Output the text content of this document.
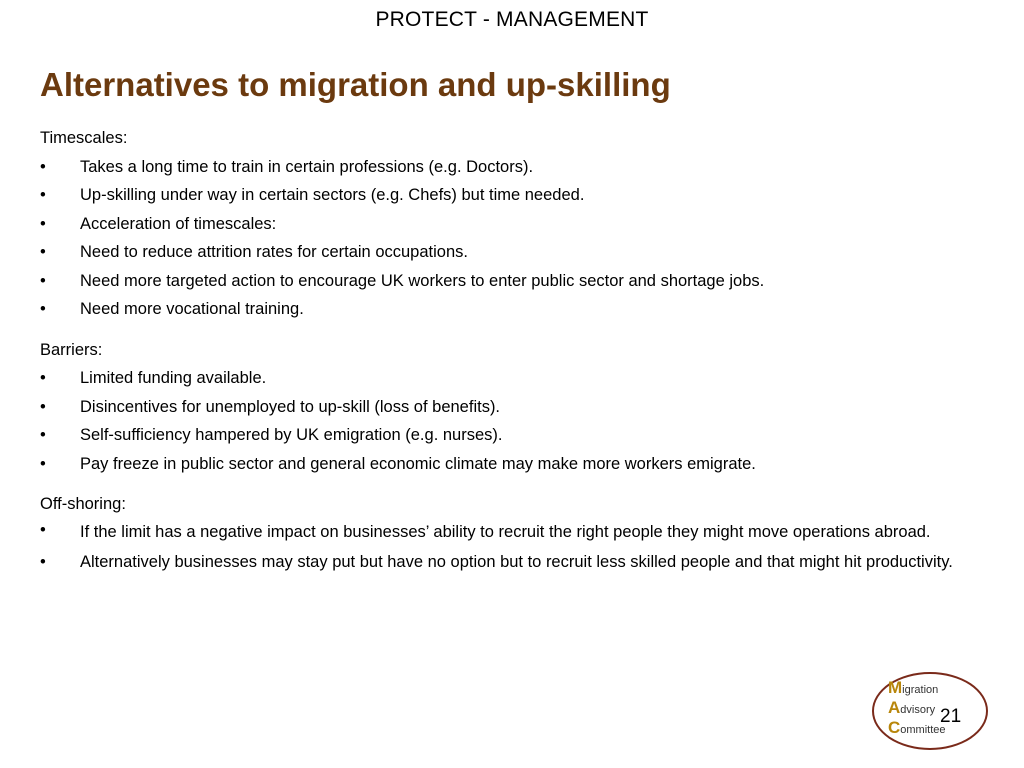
PROTECT - MANAGEMENT
Alternatives to migration and up-skilling
Timescales:
• Takes a long time to train in certain professions (e.g. Doctors).
• Up-skilling under way in certain sectors (e.g. Chefs) but time needed.
• Acceleration of timescales:
• Need to reduce attrition rates for certain occupations.
• Need more targeted action to encourage UK workers to enter public sector and shortage jobs.
• Need more vocational training.
Barriers:
• Limited funding available.
• Disincentives for unemployed to up-skill (loss of benefits).
• Self-sufficiency hampered by UK emigration (e.g. nurses).
• Pay freeze in public sector and general economic climate may make more workers emigrate.
Off-shoring:
• If the limit has a negative impact on businesses’ ability to recruit the right people they might move operations abroad.
• Alternatively businesses may stay put but have no option but to recruit less skilled people and that might hit productivity.
Migration
Advisory
Committee
21
